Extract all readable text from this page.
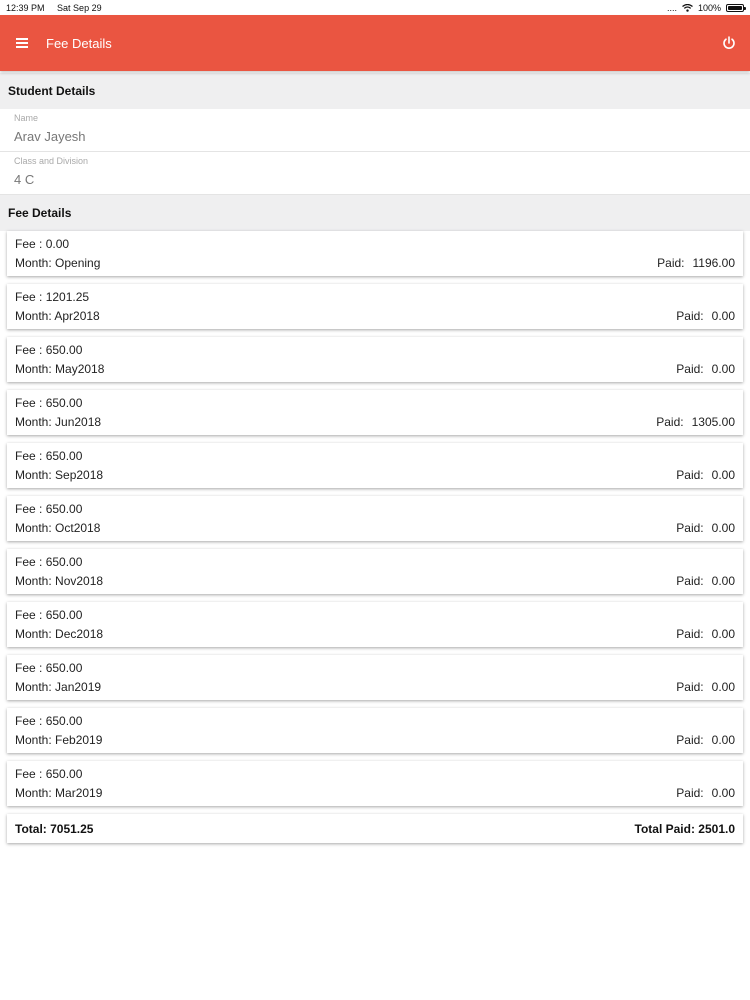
12:39 PM Sat Sep 29	.... 100%
Fee Details
Student Details
Name
Arav Jayesh
Class and Division
4 C
Fee Details
Fee : 0.00
Month: Opening	Paid: 1196.00
Fee : 1201.25
Month: Apr2018	Paid: 0.00
Fee : 650.00
Month: May2018	Paid: 0.00
Fee : 650.00
Month: Jun2018	Paid: 1305.00
Fee : 650.00
Month: Sep2018	Paid: 0.00
Fee : 650.00
Month: Oct2018	Paid: 0.00
Fee : 650.00
Month: Nov2018	Paid: 0.00
Fee : 650.00
Month: Dec2018	Paid: 0.00
Fee : 650.00
Month: Jan2019	Paid: 0.00
Fee : 650.00
Month: Feb2019	Paid: 0.00
Fee : 650.00
Month: Mar2019	Paid: 0.00
Total: 7051.25	Total Paid: 2501.0
